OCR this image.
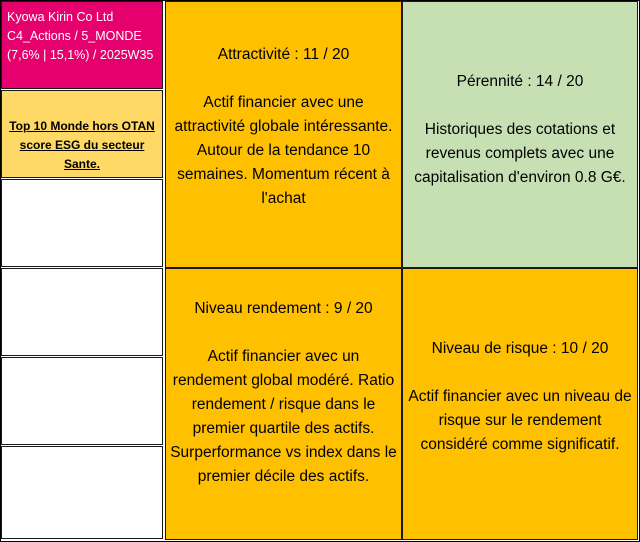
Kyowa Kirin Co Ltd
C4_Actions / 5_MONDE
(7,6% | 15,1%) / 2025W35
Top 10 Monde hors OTAN
score ESG du secteur Sante.
Attractivité : 11 / 20
Actif financier avec une attractivité globale intéressante. Autour de la tendance 10 semaines. Momentum récent à l'achat
Pérennité : 14 / 20
Historiques des cotations et revenus complets avec une capitalisation d'environ 0.8 G€.
Niveau rendement : 9 / 20
Actif financier avec un rendement global modéré. Ratio rendement / risque dans le premier quartile des actifs. Surperformance vs index dans le premier décile des actifs.
Niveau de risque : 10 / 20
Actif financier avec un niveau de risque sur le rendement considéré comme significatif.
